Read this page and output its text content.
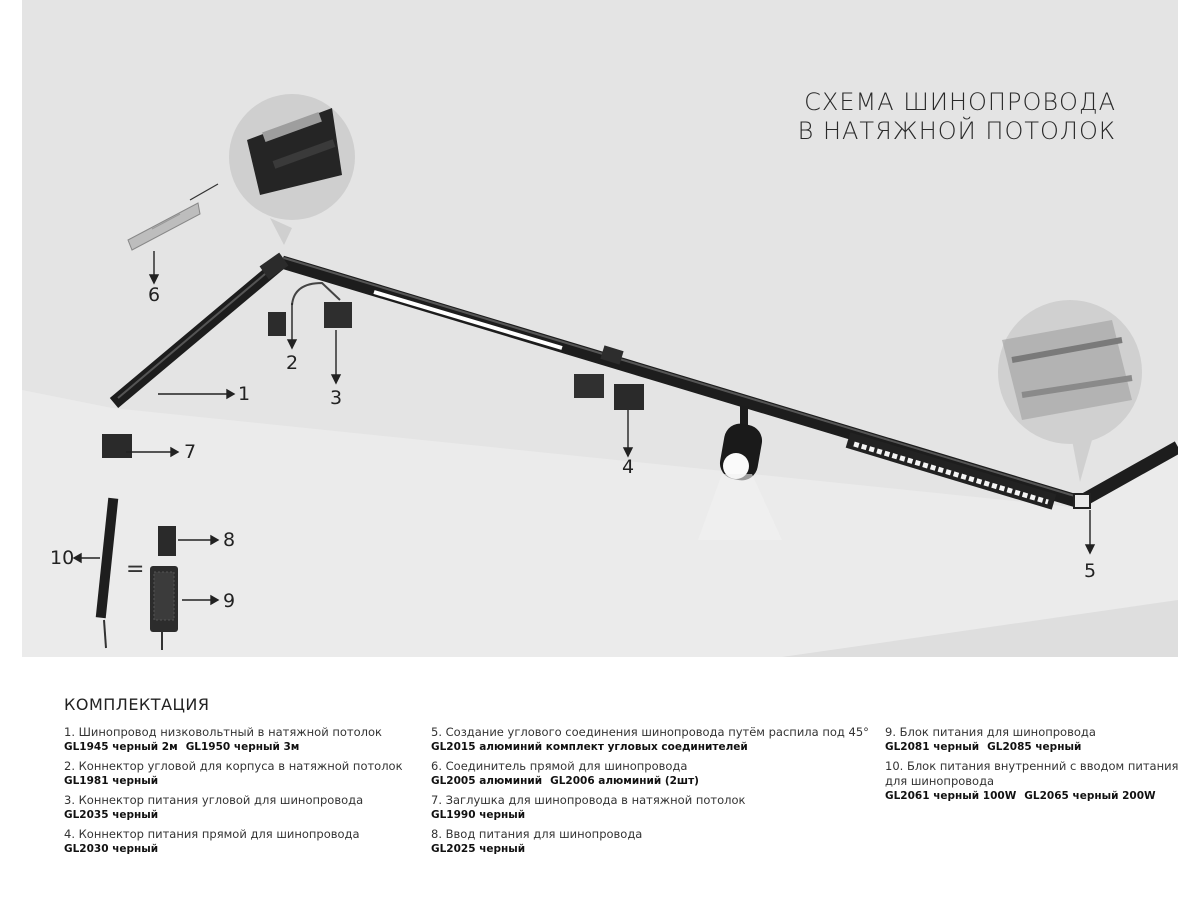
СХЕМА ШИНОПРОВОДА
В НАТЯЖНОЙ ПОТОЛОК
1
2
3
4
5
6
7
8
9
10 =
КОМПЛЕКТАЦИЯ
1. Шинопровод низковольтный в натяжной потолок
GL1945 черный 2м GL1950 черный 3м
2. Коннектор угловой для корпуса в натяжной потолок
GL1981 черный
3. Коннектор питания угловой для шинопровода
GL2035 черный
4. Коннектор питания прямой для шинопровода
GL2030 черный
5. Создание углового соединения шинопровода путём распила под 45°
GL2015 алюминий комплект угловых соединителей
6. Соединитель прямой для шинопровода
GL2005 алюминий GL2006 алюминий (2шт)
7. Заглушка для шинопровода в натяжной потолок
GL1990 черный
8. Ввод питания для шинопровода
GL2025 черный
9. Блок питания для шинопровода
GL2081 черный GL2085 черный
10. Блок питания внутренний с вводом питания для шинопровода
GL2061 черный 100W GL2065 черный 200W
